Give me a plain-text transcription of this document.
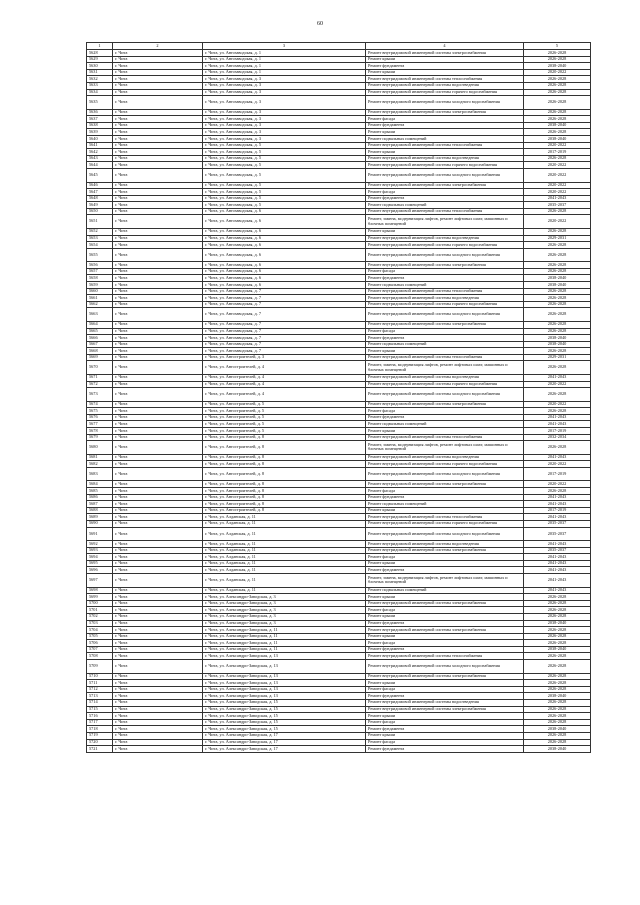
60
1	2	3	4	5
5628	г. Чита	г. Чита, ул. Автозаводская, д. 1	Ремонт внутридомовой инженерной системы электроснабжения	2026-2028
5629	г. Чита	г. Чита, ул. Автозаводская, д. 1	Ремонт крыши	2026-2028
5630	г. Чита	г. Чита, ул. Автозаводская, д. 1	Ремонт фундамента	2038-2040
5631	г. Чита	г. Чита, ул. Автозаводская, д. 1	Ремонт крыши	2020-2022
5632	г. Чита	г. Чита, ул. Автозаводская, д. 3	Ремонт внутридомовой инженерной системы теплоснабжения	2026-2028
5633	г. Чита	г. Чита, ул. Автозаводская, д. 3	Ремонт внутридомовой инженерной системы водоотведения	2026-2028
5634	г. Чита	г. Чита, ул. Автозаводская, д. 3	Ремонт внутридомовой инженерной системы горячего водоснабжения	2026-2028
5635	г. Чита	г. Чита, ул. Автозаводская, д. 3	Ремонт внутридомовой инженерной системы холодного водоснабжения	2026-2028
5636	г. Чита	г. Чита, ул. Автозаводская, д. 3	Ремонт внутридомовой инженерной системы электроснабжения	2026-2028
5637	г. Чита	г. Чита, ул. Автозаводская, д. 3	Ремонт фасада	2026-2028
5638	г. Чита	г. Чита, ул. Автозаводская, д. 3	Ремонт фундамента	2038-2040
5639	г. Чита	г. Чита, ул. Автозаводская, д. 3	Ремонт крыши	2026-2028
5640	г. Чита	г. Чита, ул. Автозаводская, д. 3	Ремонт подвальных помещений	2038-2040
5641	г. Чита	г. Чита, ул. Автозаводская, д. 5	Ремонт внутридомовой инженерной системы теплоснабжения	2020-2022
5642	г. Чита	г. Чита, ул. Автозаводская, д. 5	Ремонт крыши	2017-2019
5643	г. Чита	г. Чита, ул. Автозаводская, д. 5	Ремонт внутридомовой инженерной системы водоотведения	2026-2028
5644	г. Чита	г. Чита, ул. Автозаводская, д. 5	Ремонт внутридомовой инженерной системы горячего водоснабжения	2020-2022
5645	г. Чита	г. Чита, ул. Автозаводская, д. 5	Ремонт внутридомовой инженерной системы холодного водоснабжения	2020-2022
5646	г. Чита	г. Чита, ул. Автозаводская, д. 5	Ремонт внутридомовой инженерной системы электроснабжения	2020-2022
5647	г. Чита	г. Чита, ул. Автозаводская, д. 5	Ремонт фасада	2020-2022
5648	г. Чита	г. Чита, ул. Автозаводская, д. 5	Ремонт фундамента	2041-2043
5649	г. Чита	г. Чита, ул. Автозаводская, д. 5	Ремонт подвальных помещений	2035-2037
5650	г. Чита	г. Чита, ул. Автозаводская, д. 6	Ремонт внутридомовой инженерной системы теплоснабжения	2026-2028
5651	г. Чита	г. Чита, ул. Автозаводская, д. 6	Ремонт, замена, модернизация лифтов, ремонт лифтовых шахт, машинных и блочных помещений	2020-2022
5652	г. Чита	г. Чита, ул. Автозаводская, д. 6	Ремонт крыши	2026-2028
5653	г. Чита	г. Чита, ул. Автозаводская, д. 6	Ремонт внутридомовой инженерной системы водоотведения	2029-2031
5654	г. Чита	г. Чита, ул. Автозаводская, д. 6	Ремонт внутридомовой инженерной системы горячего водоснабжения	2026-2028
5655	г. Чита	г. Чита, ул. Автозаводская, д. 6	Ремонт внутридомовой инженерной системы холодного водоснабжения	2026-2028
5656	г. Чита	г. Чита, ул. Автозаводская, д. 6	Ремонт внутридомовой инженерной системы электроснабжения	2026-2028
5657	г. Чита	г. Чита, ул. Автозаводская, д. 6	Ремонт фасада	2026-2028
5658	г. Чита	г. Чита, ул. Автозаводская, д. 6	Ремонт фундамента	2038-2040
5659	г. Чита	г. Чита, ул. Автозаводская, д. 6	Ремонт подвальных помещений	2038-2040
5660	г. Чита	г. Чита, ул. Автозаводская, д. 7	Ремонт внутридомовой инженерной системы теплоснабжения	2026-2028
5661	г. Чита	г. Чита, ул. Автозаводская, д. 7	Ремонт внутридомовой инженерной системы водоотведения	2026-2028
5662	г. Чита	г. Чита, ул. Автозаводская, д. 7	Ремонт внутридомовой инженерной системы горячего водоснабжения	2026-2028
5663	г. Чита	г. Чита, ул. Автозаводская, д. 7	Ремонт внутридомовой инженерной системы холодного водоснабжения	2026-2028
5664	г. Чита	г. Чита, ул. Автозаводская, д. 7	Ремонт внутридомовой инженерной системы электроснабжения	2026-2028
5665	г. Чита	г. Чита, ул. Автозаводская, д. 7	Ремонт фасада	2026-2028
5666	г. Чита	г. Чита, ул. Автозаводская, д. 7	Ремонт фундамента	2038-2040
5667	г. Чита	г. Чита, ул. Автозаводская, д. 7	Ремонт подвальных помещений	2038-2040
5668	г. Чита	г. Чита, ул. Автозаводская, д. 7	Ремонт крыши	2026-2028
5669	г. Чита	г. Чита, ул. Автостроителей, д. 3	Ремонт внутридомовой инженерной системы теплоснабжения	2029-2031
5670	г. Чита	г. Чита, ул. Автостроителей, д. 4	Ремонт, замена, модернизация лифтов, ремонт лифтовых шахт, машинных и блочных помещений	2026-2028
5671	г. Чита	г. Чита, ул. Автостроителей, д. 4	Ремонт внутридомовой инженерной системы водоотведения	2041-2043
5672	г. Чита	г. Чита, ул. Автостроителей, д. 4	Ремонт внутридомовой инженерной системы горячего водоснабжения	2020-2022
5673	г. Чита	г. Чита, ул. Автостроителей, д. 4	Ремонт внутридомовой инженерной системы холодного водоснабжения	2026-2028
5674	г. Чита	г. Чита, ул. Автостроителей, д. 5	Ремонт внутридомовой инженерной системы электроснабжения	2020-2022
5675	г. Чита	г. Чита, ул. Автостроителей, д. 5	Ремонт фасада	2026-2028
5676	г. Чита	г. Чита, ул. Автостроителей, д. 5	Ремонт фундамента	2041-2043
5677	г. Чита	г. Чита, ул. Автостроителей, д. 5	Ремонт подвальных помещений	2041-2043
5678	г. Чита	г. Чита, ул. Автостроителей, д. 5	Ремонт крыши	2017-2019
5679	г. Чита	г. Чита, ул. Автостроителей, д. 8	Ремонт внутридомовой инженерной системы теплоснабжения	2032-2034
5680	г. Чита	г. Чита, ул. Автостроителей, д. 8	Ремонт, замена, модернизация лифтов, ремонт лифтовых шахт, машинных и блочных помещений	2026-2028
5681	г. Чита	г. Чита, ул. Автостроителей, д. 8	Ремонт внутридомовой инженерной системы водоотведения	2041-2043
5682	г. Чита	г. Чита, ул. Автостроителей, д. 8	Ремонт внутридомовой инженерной системы горячего водоснабжения	2020-2022
5683	г. Чита	г. Чита, ул. Автостроителей, д. 8	Ремонт внутридомовой инженерной системы холодного водоснабжения	2017-2019
5684	г. Чита	г. Чита, ул. Автостроителей, д. 8	Ремонт внутридомовой инженерной системы электроснабжения	2020-2022
5685	г. Чита	г. Чита, ул. Автостроителей, д. 8	Ремонт фасада	2026-2028
5686	г. Чита	г. Чита, ул. Автостроителей, д. 8	Ремонт фундамента	2041-2043
5687	г. Чита	г. Чита, ул. Автостроителей, д. 8	Ремонт подвальных помещений	2041-2043
5688	г. Чита	г. Чита, ул. Автостроителей, д. 8	Ремонт крыши	2017-2019
5689	г. Чита	г. Чита, ул. Алданская, д. 11	Ремонт внутридомовой инженерной системы теплоснабжения	2041-2043
5690	г. Чита	г. Чита, ул. Алданская, д. 11	Ремонт внутридомовой инженерной системы горячего водоснабжения	2035-2037
5691	г. Чита	г. Чита, ул. Алданская, д. 11	Ремонт внутридомовой инженерной системы холодного водоснабжения	2035-2037
5692	г. Чита	г. Чита, ул. Алданская, д. 11	Ремонт внутридомовой инженерной системы водоотведения	2041-2043
5693	г. Чита	г. Чита, ул. Алданская, д. 11	Ремонт внутридомовой инженерной системы электроснабжения	2035-2037
5694	г. Чита	г. Чита, ул. Алданская, д. 11	Ремонт фасада	2041-2043
5695	г. Чита	г. Чита, ул. Алданская, д. 11	Ремонт крыши	2041-2043
5696	г. Чита	г. Чита, ул. Алданская, д. 11	Ремонт фундамента	2041-2043
5697	г. Чита	г. Чита, ул. Алданская, д. 11	Ремонт, замена, модернизация лифтов, ремонт лифтовых шахт, машинных и блочных помещений	2041-2043
5698	г. Чита	г. Чита, ул. Алданская, д. 11	Ремонт подвальных помещений	2041-2043
5699	г. Чита	г. Чита, ул. Александро-Заводская, д. 3	Ремонт крыши	2026-2028
5700	г. Чита	г. Чита, ул. Александро-Заводская, д. 3	Ремонт внутридомовой инженерной системы электроснабжения	2026-2028
5701	г. Чита	г. Чита, ул. Александро-Заводская, д. 3	Ремонт фасада	2026-2028
5702	г. Чита	г. Чита, ул. Александро-Заводская, д. 3	Ремонт крыши	2026-2028
5703	г. Чита	г. Чита, ул. Александро-Заводская, д. 3	Ремонт фундамента	2038-2040
5704	г. Чита	г. Чита, ул. Александро-Заводская, д. 11	Ремонт внутридомовой инженерной системы электроснабжения	2026-2028
5705	г. Чита	г. Чита, ул. Александро-Заводская, д. 11	Ремонт крыши	2026-2028
5706	г. Чита	г. Чита, ул. Александро-Заводская, д. 11	Ремонт фасада	2026-2028
5707	г. Чита	г. Чита, ул. Александро-Заводская, д. 11	Ремонт фундамента	2038-2040
5708	г. Чита	г. Чита, ул. Александро-Заводская, д. 13	Ремонт внутридомовой инженерной системы теплоснабжения	2026-2028
5709	г. Чита	г. Чита, ул. Александро-Заводская, д. 13	Ремонт внутридомовой инженерной системы холодного водоснабжения	2026-2028
5710	г. Чита	г. Чита, ул. Александро-Заводская, д. 13	Ремонт внутридомовой инженерной системы электроснабжения	2026-2028
5711	г. Чита	г. Чита, ул. Александро-Заводская, д. 13	Ремонт крыши	2026-2028
5712	г. Чита	г. Чита, ул. Александро-Заводская, д. 13	Ремонт фасада	2026-2028
5713	г. Чита	г. Чита, ул. Александро-Заводская, д. 13	Ремонт фундамента	2038-2040
5714	г. Чита	г. Чита, ул. Александро-Заводская, д. 15	Ремонт внутридомовой инженерной системы водоотведения	2026-2028
5715	г. Чита	г. Чита, ул. Александро-Заводская, д. 15	Ремонт внутридомовой инженерной системы электроснабжения	2026-2028
5716	г. Чита	г. Чита, ул. Александро-Заводская, д. 15	Ремонт крыши	2026-2028
5717	г. Чита	г. Чита, ул. Александро-Заводская, д. 15	Ремонт фасада	2026-2028
5718	г. Чита	г. Чита, ул. Александро-Заводская, д. 15	Ремонт фундамента	2038-2040
5719	г. Чита	г. Чита, ул. Александро-Заводская, д. 17	Ремонт крыши	2026-2028
5720	г. Чита	г. Чита, ул. Александро-Заводская, д. 17	Ремонт фасада	2026-2028
5721	г. Чита	г. Чита, ул. Александро-Заводская, д. 17	Ремонт фундамента	2038-2040
